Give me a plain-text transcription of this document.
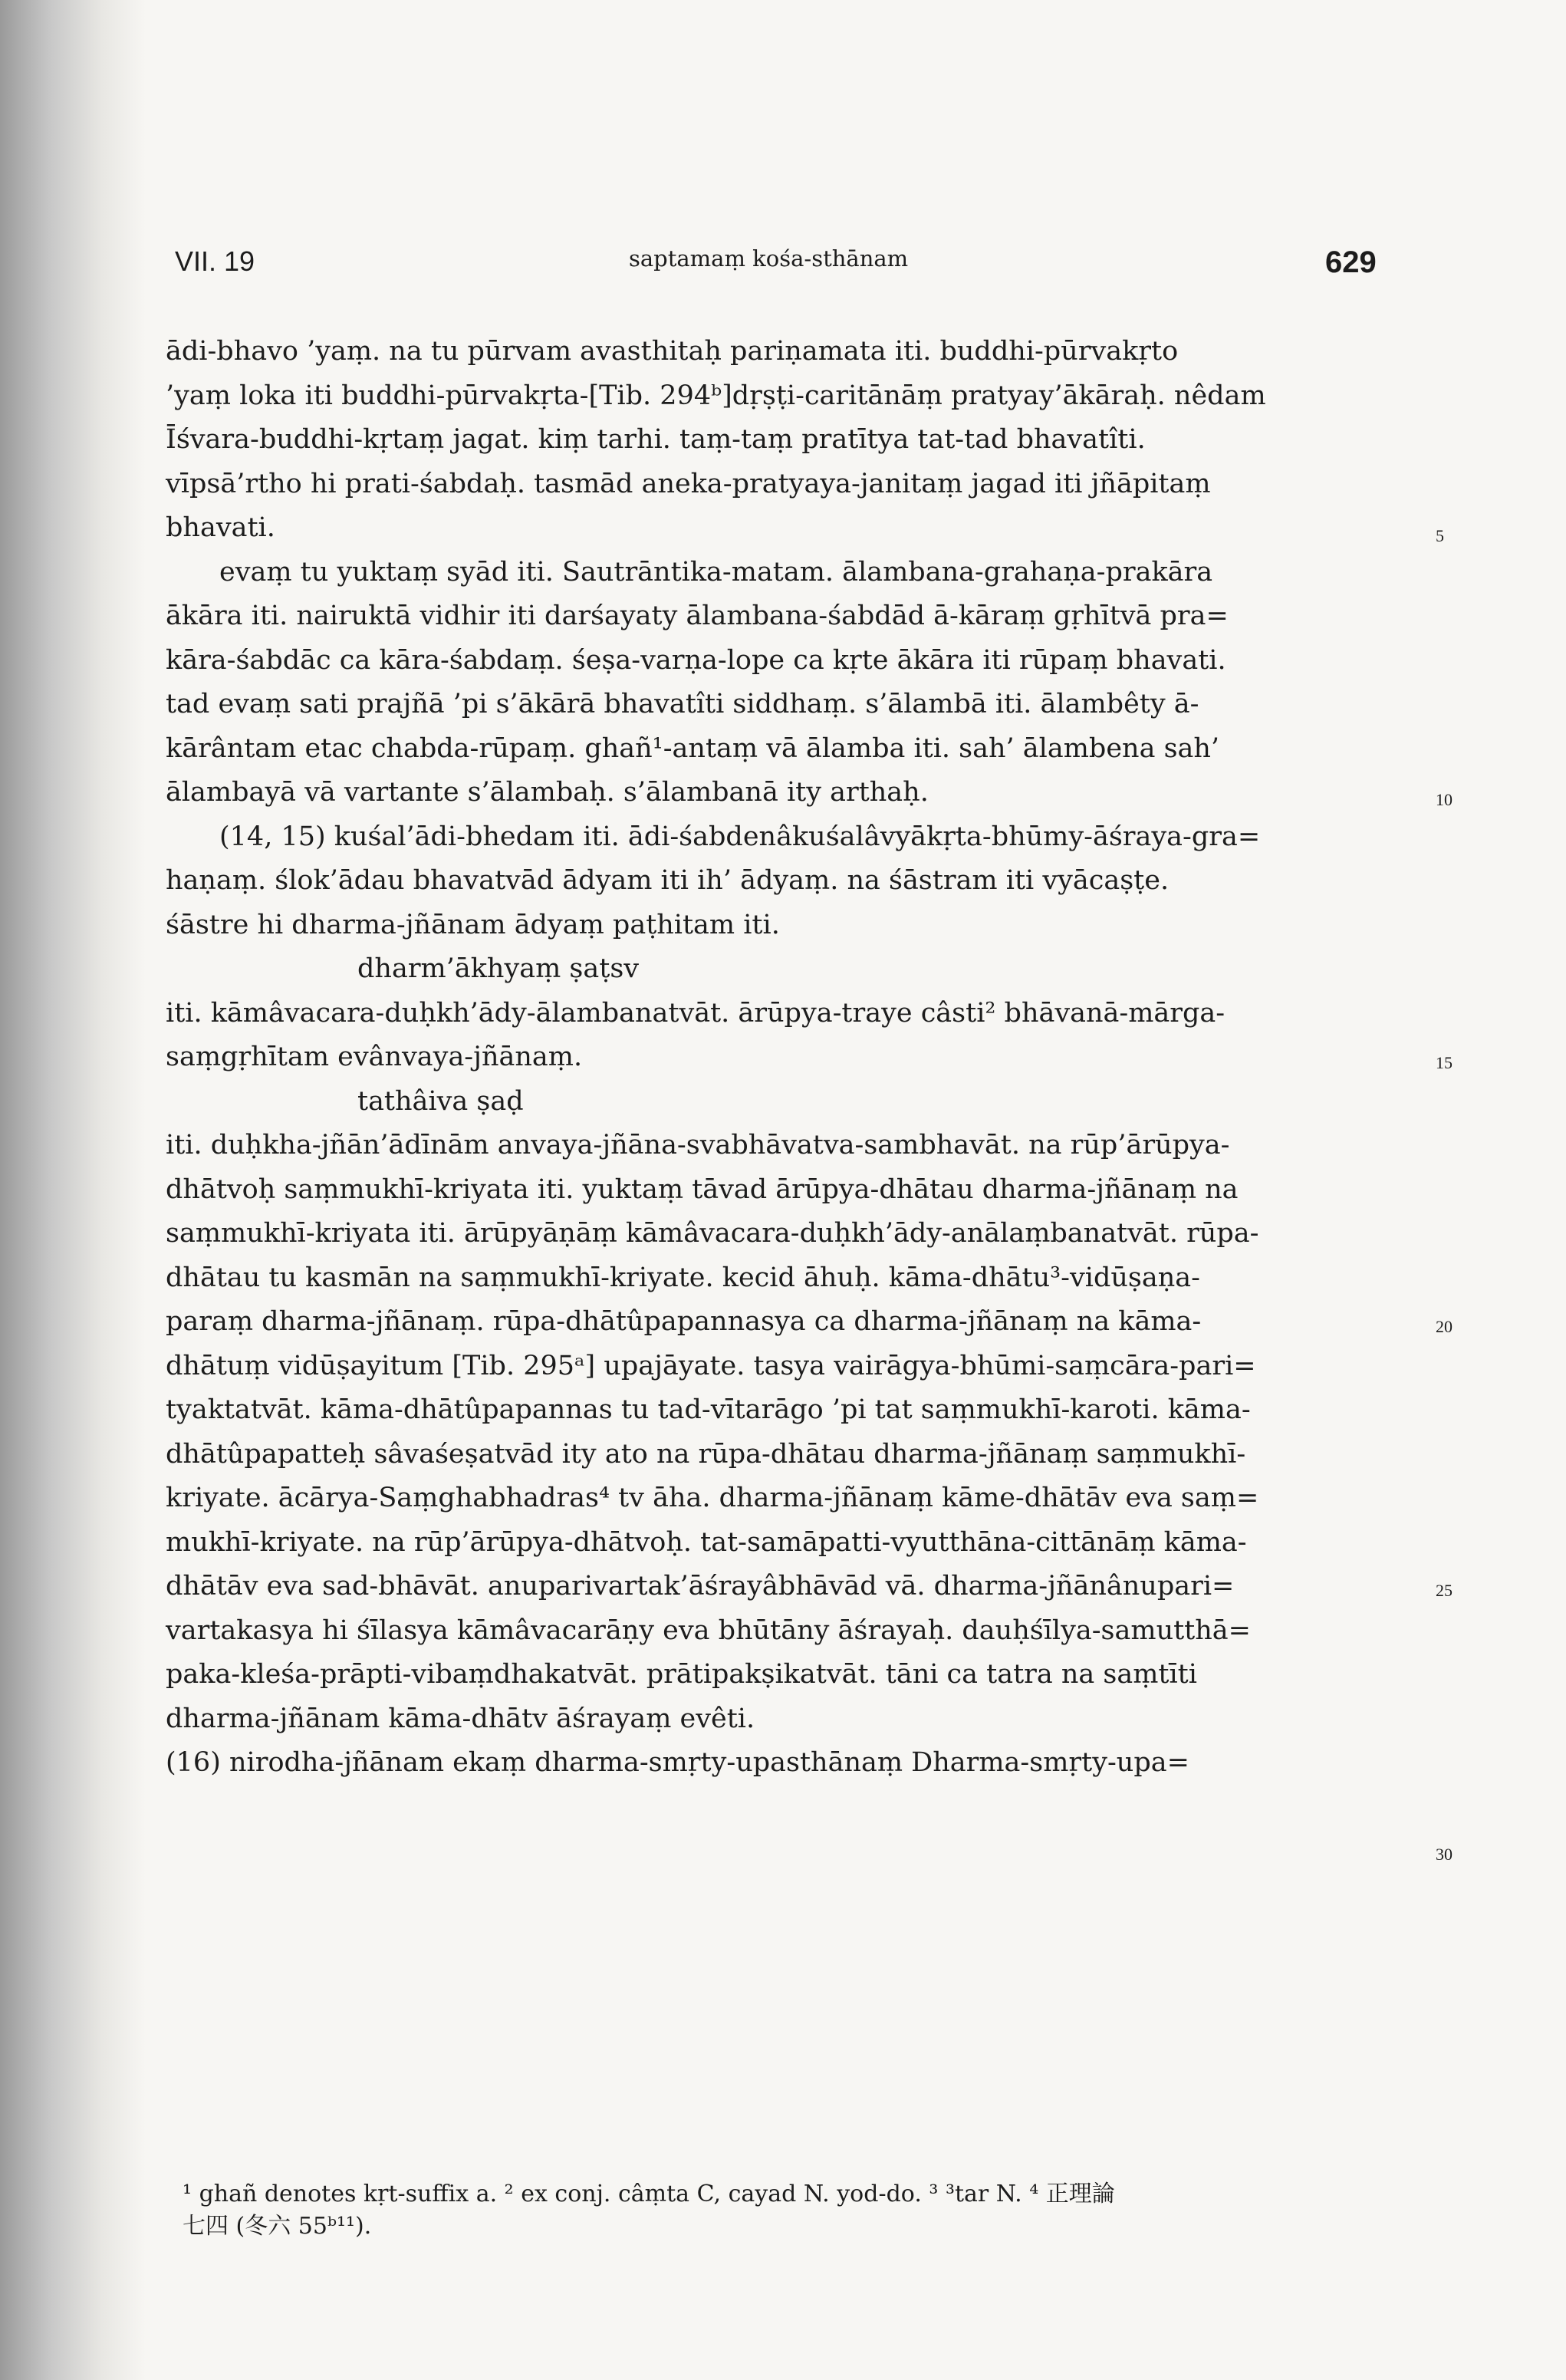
VII. 19	saptamaṃ kośa-sthānam	629
ādi-bhavo ’yaṃ. na tu pūrvam avasthitaḥ pariṇamata iti. buddhi-pūrvakṛto
’yaṃ loka iti buddhi-pūrvakṛta-[Tib. 294ᵇ]dṛṣṭi-caritānāṃ pratyay’ākāraḥ. nêdam
Īśvara-buddhi-kṛtaṃ jagat. kiṃ tarhi. taṃ-taṃ pratītya tat-tad bhavatîti.
vīpsā’rtho hi prati-śabdaḥ. tasmād aneka-pratyaya-janitaṃ jagad iti jñāpitaṃ
bhavati.
evaṃ tu yuktaṃ syād iti. Sautrāntika-matam. ālambana-grahaṇa-prakāra
ākāra iti. nairuktā vidhir iti darśayaty ālambana-śabdād ā-kāraṃ gṛhītvā pra=
kāra-śabdāc ca kāra-śabdaṃ. śeṣa-varṇa-lope ca kṛte ākāra iti rūpaṃ bhavati.
tad evaṃ sati prajñā ’pi s’ākārā bhavatîti siddhaṃ. s’ālambā iti. ālambêty ā-
kārântam etac chabda-rūpaṃ. ghañ¹-antaṃ vā ālamba iti. sah’ ālambena sah’
ālambayā vā vartante s’ālambaḥ. s’ālambanā ity arthaḥ.
(14, 15) kuśal’ādi-bhedam iti. ādi-śabdenâkuśalâvyākṛta-bhūmy-āśraya-gra=
haṇaṃ. ślok’ādau bhavatvād ādyam iti ih’ ādyaṃ. na śāstram iti vyācaṣṭe.
śāstre hi dharma-jñānam ādyaṃ paṭhitam iti.
dharm’ākhyaṃ ṣaṭsv
iti. kāmâvacara-duḥkh’ādy-ālambanatvāt. ārūpya-traye câsti² bhāvanā-mārga-
saṃgṛhītam evânvaya-jñānaṃ.
tathâiva ṣaḍ
iti. duḥkha-jñān’ādīnām anvaya-jñāna-svabhāvatva-sambhavāt. na rūp’ārūpya-
dhātvoḥ saṃmukhī-kriyata iti. yuktaṃ tāvad ārūpya-dhātau dharma-jñānaṃ na
saṃmukhī-kriyata iti. ārūpyāṇāṃ kāmâvacara-duḥkh’ādy-anālaṃbanatvāt. rūpa-
dhātau tu kasmān na saṃmukhī-kriyate. kecid āhuḥ. kāma-dhātu³-vidūṣaṇa-
paraṃ dharma-jñānaṃ. rūpa-dhātûpapannasya ca dharma-jñānaṃ na kāma-
dhātuṃ vidūṣayitum [Tib. 295ᵃ] upajāyate. tasya vairāgya-bhūmi-saṃcāra-pari=
tyaktatvāt. kāma-dhātûpapannas tu tad-vītarāgo ’pi tat saṃmukhī-karoti. kāma-
dhātûpapatteḥ sâvaśeṣatvād ity ato na rūpa-dhātau dharma-jñānaṃ saṃmukhī-
kriyate. ācārya-Saṃghabhadras⁴ tv āha. dharma-jñānaṃ kāme-dhātāv eva saṃ=
mukhī-kriyate. na rūp’ārūpya-dhātvoḥ. tat-samāpatti-vyutthāna-cittānāṃ kāma-
dhātāv eva sad-bhāvāt. anuparivartak’āśrayâbhāvād vā. dharma-jñānânupari=
vartakasya hi śīlasya kāmâvacarāṇy eva bhūtāny āśrayaḥ. dauḥśīlya-samutthā=
paka-kleśa-prāpti-vibaṃdhakatvāt. prātipakṣikatvāt. tāni ca tatra na saṃtīti
dharma-jñānam kāma-dhātv āśrayaṃ evêti.
(16) nirodha-jñānam ekaṃ dharma-smṛty-upasthānaṃ Dharma-smṛty-upa=
5
10
15
20
25
30
¹ ghañ denotes kṛt-suffix a. ² ex conj. câṃta C, cayad N. yod-do. ³ ³tar N. ⁴ 正理論
七四 (冬六 55ᵇ¹¹).
